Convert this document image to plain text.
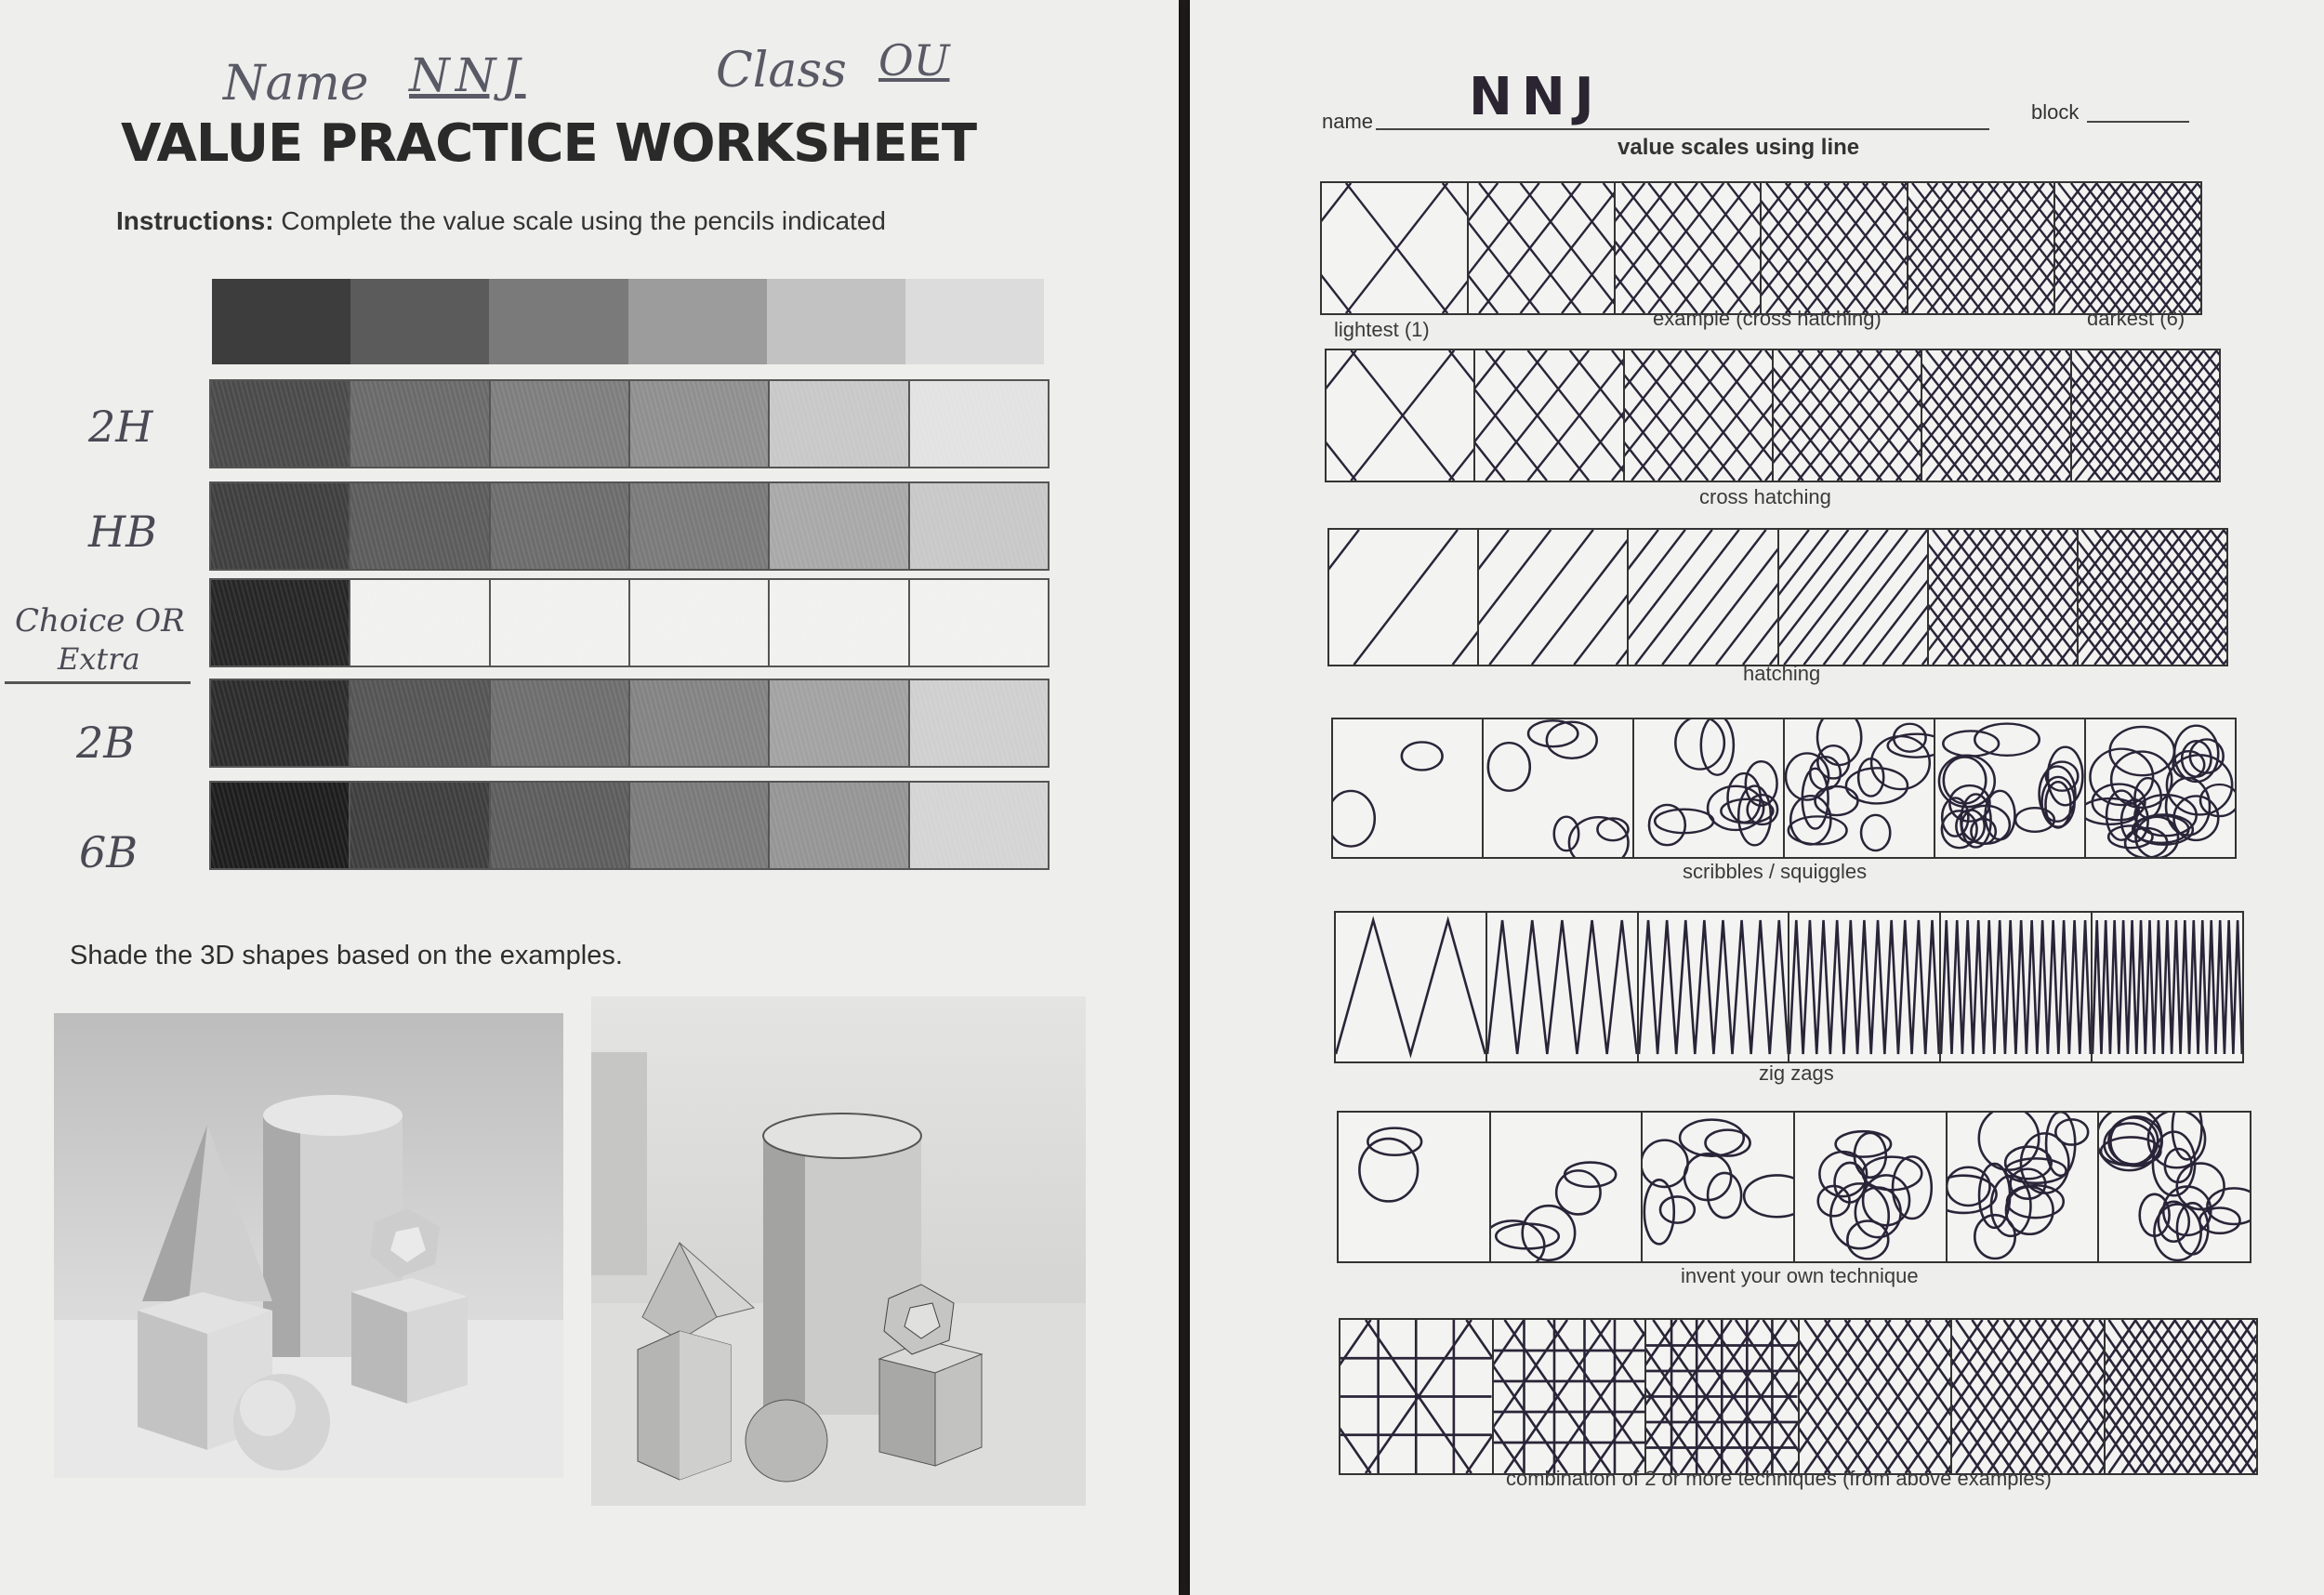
Name NNJ	Class OU
VALUE PRACTICE WORKSHEET
Instructions: Complete the value scale using the pencils indicated
2H
HB
Choice OR
Extra
2B
6B
Shade the 3D shapes based on the examples.
name NNJ	block
value scales using line
lightest (1)	example (cross hatching)	darkest (6)
cross hatching
hatching
scribbles / squiggles
zig zags
invent your own technique
combination of 2 or more techniques (from above examples)
